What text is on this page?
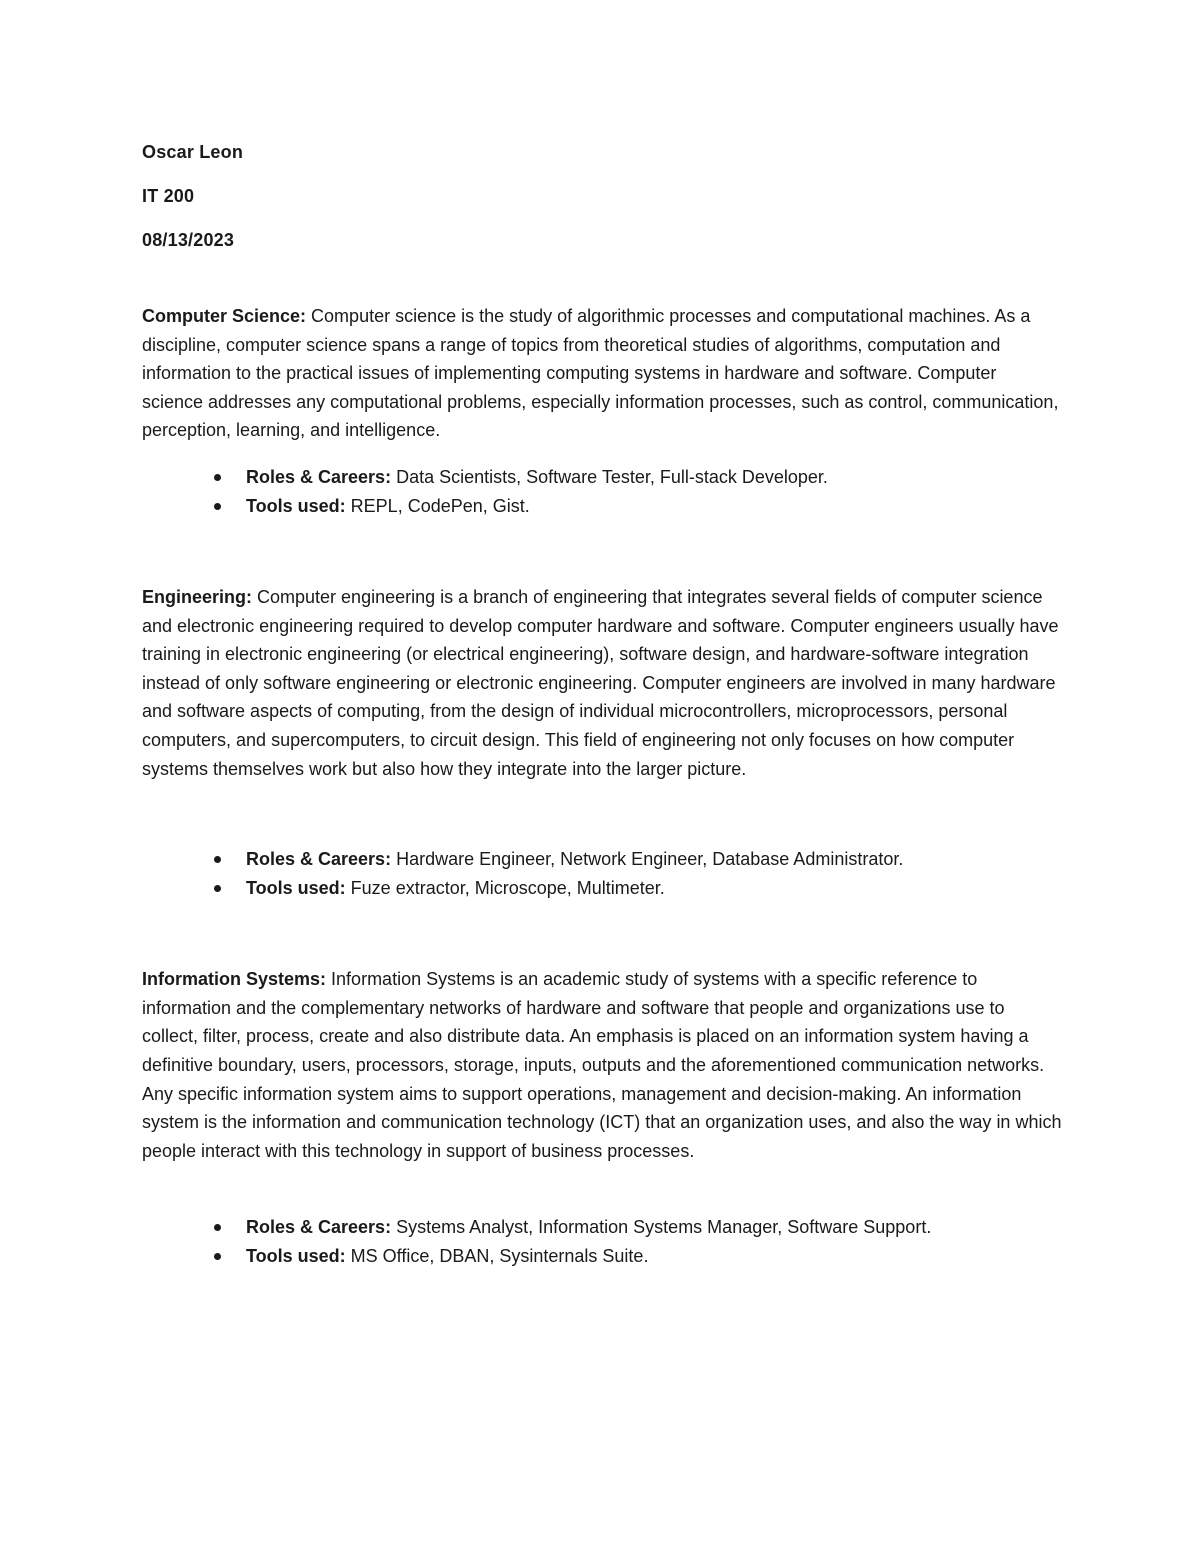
Oscar Leon

IT 200

08/13/2023

Computer Science: Computer science is the study of algorithmic processes and computational machines. As a discipline, computer science spans a range of topics from theoretical studies of algorithms, computation and information to the practical issues of implementing computing systems in hardware and software. Computer science addresses any computational problems, especially information processes, such as control, communication, perception, learning, and intelligence.

Roles & Careers: Data Scientists, Software Tester, Full-stack Developer.
Tools used: REPL, CodePen, Gist.

Engineering: Computer engineering is a branch of engineering that integrates several fields of computer science and electronic engineering required to develop computer hardware and software. Computer engineers usually have training in electronic engineering (or electrical engineering), software design, and hardware-software integration instead of only software engineering or electronic engineering. Computer engineers are involved in many hardware and software aspects of computing, from the design of individual microcontrollers, microprocessors, personal computers, and supercomputers, to circuit design. This field of engineering not only focuses on how computer systems themselves work but also how they integrate into the larger picture.

Roles & Careers: Hardware Engineer, Network Engineer, Database Administrator.
Tools used: Fuze extractor, Microscope, Multimeter.

Information Systems: Information Systems is an academic study of systems with a specific reference to information and the complementary networks of hardware and software that people and organizations use to collect, filter, process, create and also distribute data. An emphasis is placed on an information system having a definitive boundary, users, processors, storage, inputs, outputs and the aforementioned communication networks. Any specific information system aims to support operations, management and decision-making. An information system is the information and communication technology (ICT) that an organization uses, and also the way in which people interact with this technology in support of business processes.

Roles & Careers: Systems Analyst, Information Systems Manager, Software Support.
Tools used: MS Office, DBAN, Sysinternals Suite.
